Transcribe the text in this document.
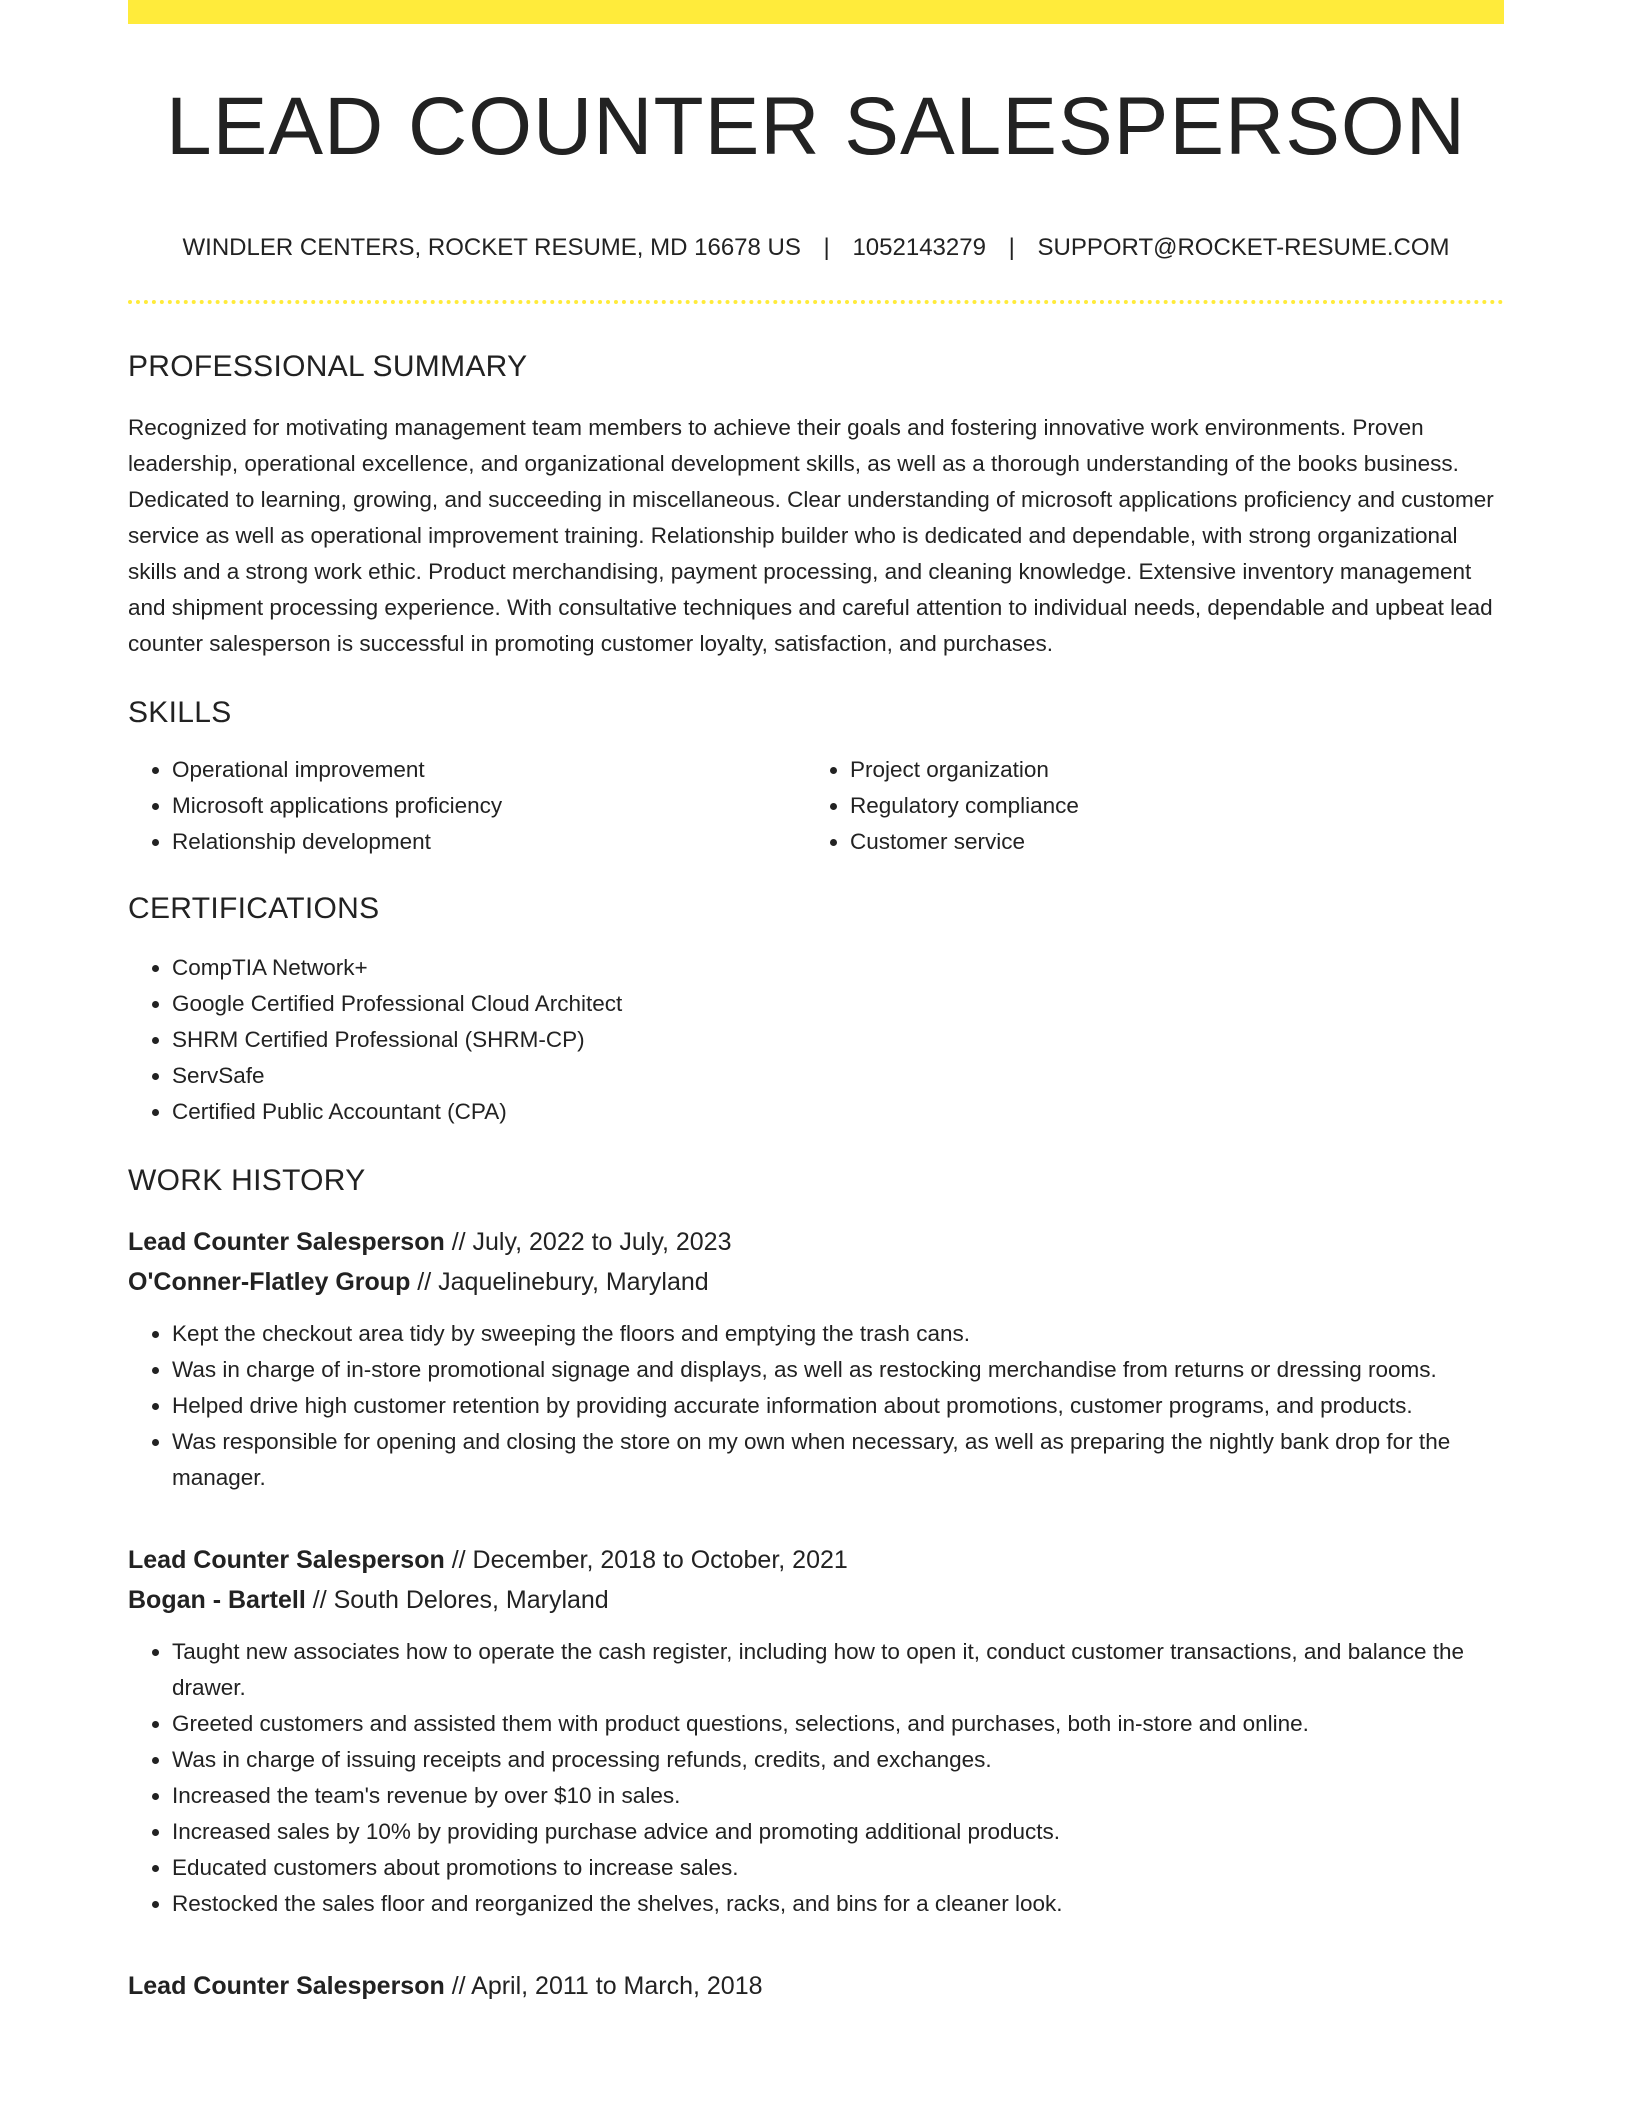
LEAD COUNTER SALESPERSON
WINDLER CENTERS, ROCKET RESUME, MD 16678 US | 1052143279 | SUPPORT@ROCKET-RESUME.COM
PROFESSIONAL SUMMARY

Recognized for motivating management team members to achieve their goals and fostering innovative work environments. Proven leadership, operational excellence, and organizational development skills, as well as a thorough understanding of the books business. Dedicated to learning, growing, and succeeding in miscellaneous. Clear understanding of microsoft applications proficiency and customer service as well as operational improvement training. Relationship builder who is dedicated and dependable, with strong organizational skills and a strong work ethic. Product merchandising, payment processing, and cleaning knowledge. Extensive inventory management and shipment processing experience. With consultative techniques and careful attention to individual needs, dependable and upbeat lead counter salesperson is successful in promoting customer loyalty, satisfaction, and purchases.

SKILLS
• Operational improvement
• Microsoft applications proficiency
• Relationship development
• Project organization
• Regulatory compliance
• Customer service
CERTIFICATIONS
• CompTIA Network+
• Google Certified Professional Cloud Architect
• SHRM Certified Professional (SHRM-CP)
• ServSafe
• Certified Public Accountant (CPA)
WORK HISTORY
Lead Counter Salesperson // July, 2022 to July, 2023
O'Conner-Flatley Group // Jaquelinebury, Maryland
• Kept the checkout area tidy by sweeping the floors and emptying the trash cans.
• Was in charge of in-store promotional signage and displays, as well as restocking merchandise from returns or dressing rooms.
• Helped drive high customer retention by providing accurate information about promotions, customer programs, and products.
• Was responsible for opening and closing the store on my own when necessary, as well as preparing the nightly bank drop for the manager.
Lead Counter Salesperson // December, 2018 to October, 2021
Bogan - Bartell // South Delores, Maryland
• Taught new associates how to operate the cash register, including how to open it, conduct customer transactions, and balance the drawer.
• Greeted customers and assisted them with product questions, selections, and purchases, both in-store and online.
• Was in charge of issuing receipts and processing refunds, credits, and exchanges.
• Increased the team's revenue by over $10 in sales.
• Increased sales by 10% by providing purchase advice and promoting additional products.
• Educated customers about promotions to increase sales.
• Restocked the sales floor and reorganized the shelves, racks, and bins for a cleaner look.
Lead Counter Salesperson // April, 2011 to March, 2018
